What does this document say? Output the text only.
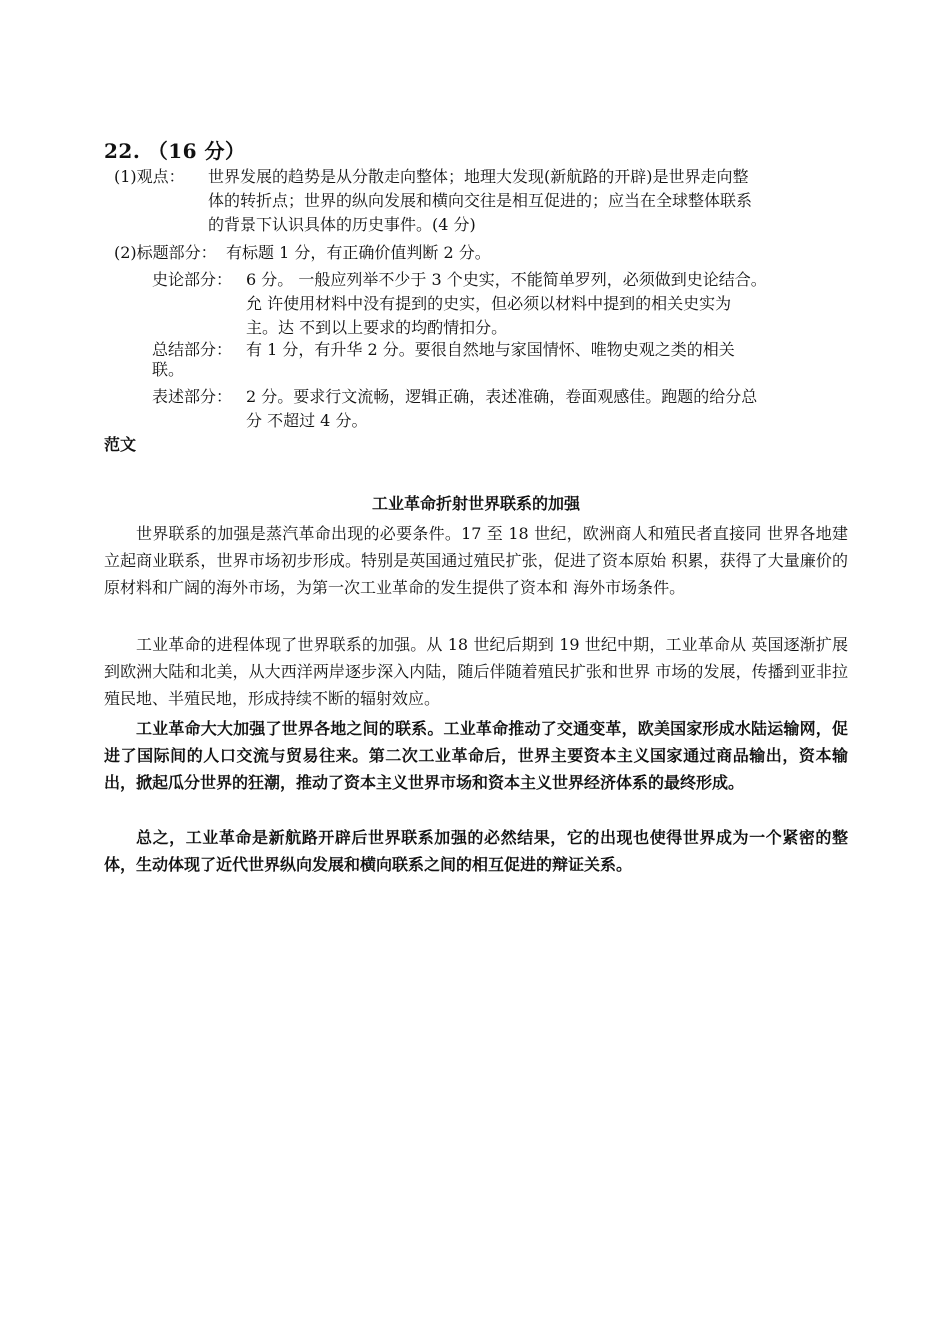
22. （16 分）
(1)观点： 世界发展的趋势是从分散走向整体；地理大发现(新航路的开辟)是世界走向整
体的转折点；世界的纵向发展和横向交往是相互促进的；应当在全球整体联系
的背景下认识具体的历史事件。(4 分)
(2)标题部分： 有标题 1 分，有正确价值判断 2 分。
史论部分： 6 分。 一般应列举不少于 3 个史实，不能简单罗列，必须做到史论结合。
允 许使用材料中没有提到的史实，但必须以材料中提到的相关史实为
主。达 不到以上要求的均酌情扣分。
总结部分： 有 1 分，有升华 2 分。要很自然地与家国情怀、唯物史观之类的相关
联。
表述部分： 2 分。要求行文流畅，逻辑正确，表述准确，卷面观感佳。跑题的给分总
分 不超过 4 分。
范文
工业革命折射世界联系的加强
世界联系的加强是蒸汽革命出现的必要条件。17 至 18 世纪，欧洲商人和殖民者直接同 世界各地建立起商业联系，世界市场初步形成。特别是英国通过殖民扩张，促进了资本原始 积累，获得了大量廉价的原材料和广阔的海外市场，为第一次工业革命的发生提供了资本和 海外市场条件。
工业革命的进程体现了世界联系的加强。从 18 世纪后期到 19 世纪中期，工业革命从 英国逐渐扩展到欧洲大陆和北美，从大西洋两岸逐步深入内陆，随后伴随着殖民扩张和世界 市场的发展，传播到亚非拉殖民地、半殖民地，形成持续不断的辐射效应。
工业革命大大加强了世界各地之间的联系。工业革命推动了交通变革，欧美国家形成水陆运输网，促进了国际间的人口交流与贸易往来。第二次工业革命后，世界主要资本主义国家通过商品输出，资本输出，掀起瓜分世界的狂潮，推动了资本主义世界市场和资本主义世界经济体系的最终形成。
总之，工业革命是新航路开辟后世界联系加强的必然结果，它的出现也使得世界成为一个紧密的整体，生动体现了近代世界纵向发展和横向联系之间的相互促进的辩证关系。
